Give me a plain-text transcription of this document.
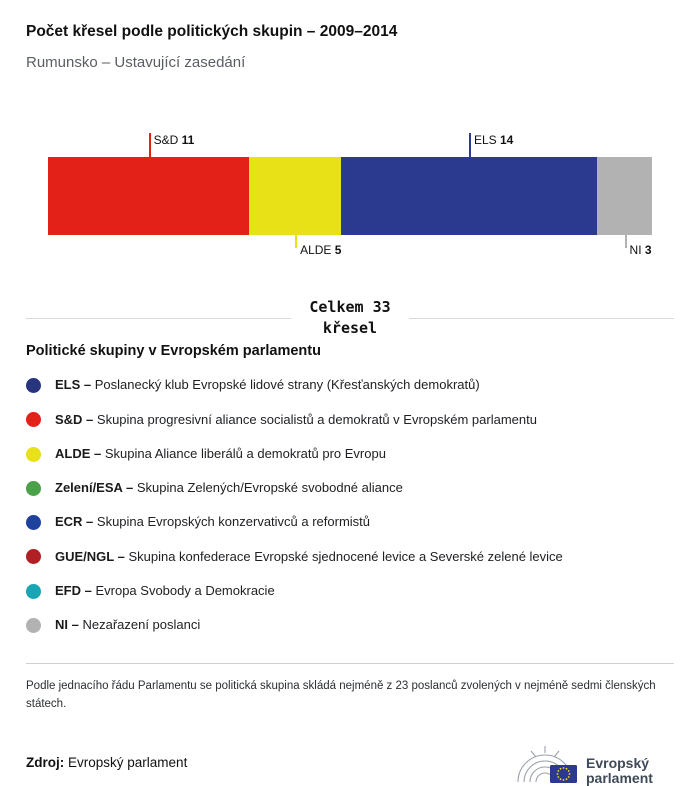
Počet křesel podle politických skupin – 2009–2014
Rumunsko – Ustavující zasedání
S&D 11
ALDE 5
ELS 14
NI 3
Celkem 33
křesel
Politické skupiny v Evropském parlamentu
ELS – Poslanecký klub Evropské lidové strany (Křesťanských demokratů)
S&D – Skupina progresivní aliance socialistů a demokratů v Evropském parlamentu
ALDE – Skupina Aliance liberálů a demokratů pro Evropu
Zelení/ESA – Skupina Zelených/Evropské svobodné aliance
ECR – Skupina Evropských konzervativců a reformistů
GUE/NGL – Skupina konfederace Evropské sjednocené levice a Severské zelené levice
EFD – Evropa Svobody a Demokracie
NI – Nezařazení poslanci

Podle jednacího řádu Parlamentu se politická skupina skládá nejméně z 23 poslanců zvolených v nejméně sedmi členských státech.

Zdroj: Evropský parlament	Evropský
parlament
